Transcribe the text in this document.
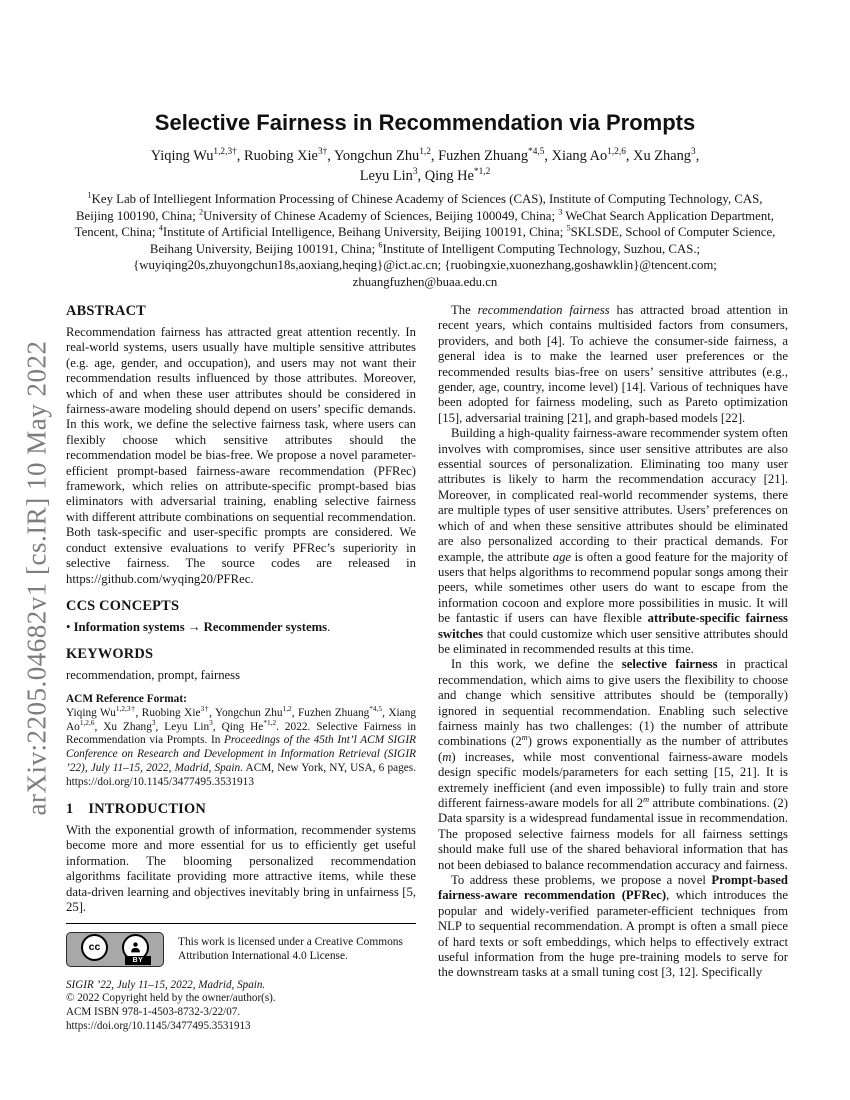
arXiv:2205.04682v1 [cs.IR] 10 May 2022
Selective Fairness in Recommendation via Prompts
Yiqing $Wu^{1,2,3\dagger}$, Ruobing Xie$^{3\dagger}$, Yongchun Zhu$^{1,2}$, Fuzhen Zhuang$^{*4,5}$, Xiang Ao$^{1,2,6}$, Xu Zhang$^3$,
Leyu Lin$^3$, Qing He$^{*1,2}$
$^1$Key Lab of Intelliegent Information Processing of Chinese Academy of Sciences (CAS), Institute of Computing Technology, CAS, Beijing 100190, China; $^2$University of Chinese Academy of Sciences, Beijing 100049, China; $^3$ WeChat Search Application Department, Tencent, China; $^4$Institute of Artificial Intelligence, Beihang University, Beijing 100191, China; $^5$SKLSDE, School of Computer Science, Beihang University, Beijing 100191, China; $^6$Institute of Intelligent Computing Technology, Suzhou, CAS.; {wuyiqing20s,zhuyongchun18s,aoxiang,heqing}@ict.ac.cn; {ruobingxie,xuonezhang,goshawklin}@tencent.com; zhuangfuzhen@buaa.edu.cn
ABSTRACT

Recommendation fairness has attracted great attention recently. In real-world systems, users usually have multiple sensitive attributes (e.g. age, gender, and occupation), and users may not want their recommendation results influenced by those attributes. Moreover, which of and when these user attributes should be considered in fairness-aware modeling should depend on users’ specific demands. In this work, we define the selective fairness task, where users can flexibly choose which sensitive attributes should the recommendation model be bias-free. We propose a novel parameter-efficient prompt-based fairness-aware recommendation (PFRec) framework, which relies on attribute-specific prompt-based bias eliminators with adversarial training, enabling selective fairness with different attribute combinations on sequential recommendation. Both task-specific and user-specific prompts are considered. We conduct extensive evaluations to verify PFRec’s superiority in selective fairness. The source codes are released in https://github.com/wyqing20/PFRec.

CCS CONCEPTS

• Information systems → Recommender systems.

KEYWORDS

recommendation, prompt, fairness

ACM Reference Format:

Yiqing $Wu^{1,2,3\dagger}$, Ruobing Xie$^{3\dagger}$, Yongchun Zhu$^{1,2}$, Fuzhen Zhuang$^{*4,5}$, Xiang Ao$^{1,2,6}$, Xu Zhang$^3$, Leyu Lin$^3$, Qing He$^{*1,2}$. 2022. Selective Fairness in Recommendation via Prompts. In Proceedings of the 45th Int’l ACM SIGIR Conference on Research and Development in Information Retrieval (SIGIR ’22), July 11–15, 2022, Madrid, Spain. ACM, New York, NY, USA, 6 pages. https://doi.org/10.1145/3477495.3531913

1 INTRODUCTION

With the exponential growth of information, recommender systems become more and more essential for us to efficiently get useful information. The blooming personalized recommendation algorithms facilitate providing more attractive items, while these data-driven learning and objectives inevitably bring in unfairness [5, 25].

cc
BY

This work is licensed under a Creative Commons Attribution International 4.0 License.

SIGIR ’22, July 11–15, 2022, Madrid, Spain.

© 2022 Copyright held by the owner/author(s).

ACM ISBN 978-1-4503-8732-3/22/07.

https://doi.org/10.1145/3477495.3531913

The recommendation fairness has attracted broad attention in recent years, which contains multisided factors from consumers, providers, and both [4]. To achieve the consumer-side fairness, a general idea is to make the learned user preferences or the recommended results bias-free on users’ sensitive attributes (e.g., gender, age, country, income level) [14]. Various of techniques have been adopted for fairness modeling, such as Pareto optimization [15], adversarial training [21], and graph-based models [22].

Building a high-quality fairness-aware recommender system often involves with compromises, since user sensitive attributes are also essential sources of personalization. Eliminating too many user attributes is likely to harm the recommendation accuracy [21]. Moreover, in complicated real-world recommender systems, there are multiple types of user sensitive attributes. Users’ preferences on which of and when these sensitive attributes should be eliminated are also personalized according to their practical demands. For example, the attribute age is often a good feature for the majority of users that helps algorithms to recommend popular songs among their peers, while sometimes other users do want to escape from the information cocoon and explore more possibilities in music. It will be fantastic if users can have flexible attribute-specific fairness switches that could customize which user sensitive attributes should be eliminated in recommended results at this time.

In this work, we define the selective fairness in practical recommendation, which aims to give users the flexibility to choose and change which sensitive attributes should be (temporally) ignored in sequential recommendation. Enabling such selective fairness mainly has two challenges: (1) the number of attribute combinations (2$^m$) grows exponentially as the number of attributes (m) increases, while most conventional fairness-aware models design specific models/parameters for each setting [15, 21]. It is extremely inefficient (and even impossible) to fully train and store different fairness-aware models for all 2$^m$ attribute combinations. (2) Data sparsity is a widespread fundamental issue in recommendation. The proposed selective fairness models for all fairness settings should make full use of the shared behavioral information that has not been debiased to balance recommendation accuracy and fairness.

To address these problems, we propose a novel Prompt-based fairness-aware recommendation (PFRec), which introduces the popular and widely-verified parameter-efficient techniques from NLP to sequential recommendation. A prompt is often a small piece of hard texts or soft embeddings, which helps to effectively extract useful information from the huge pre-training models to serve for the downstream tasks at a small tuning cost [3, 12]. Specifically
